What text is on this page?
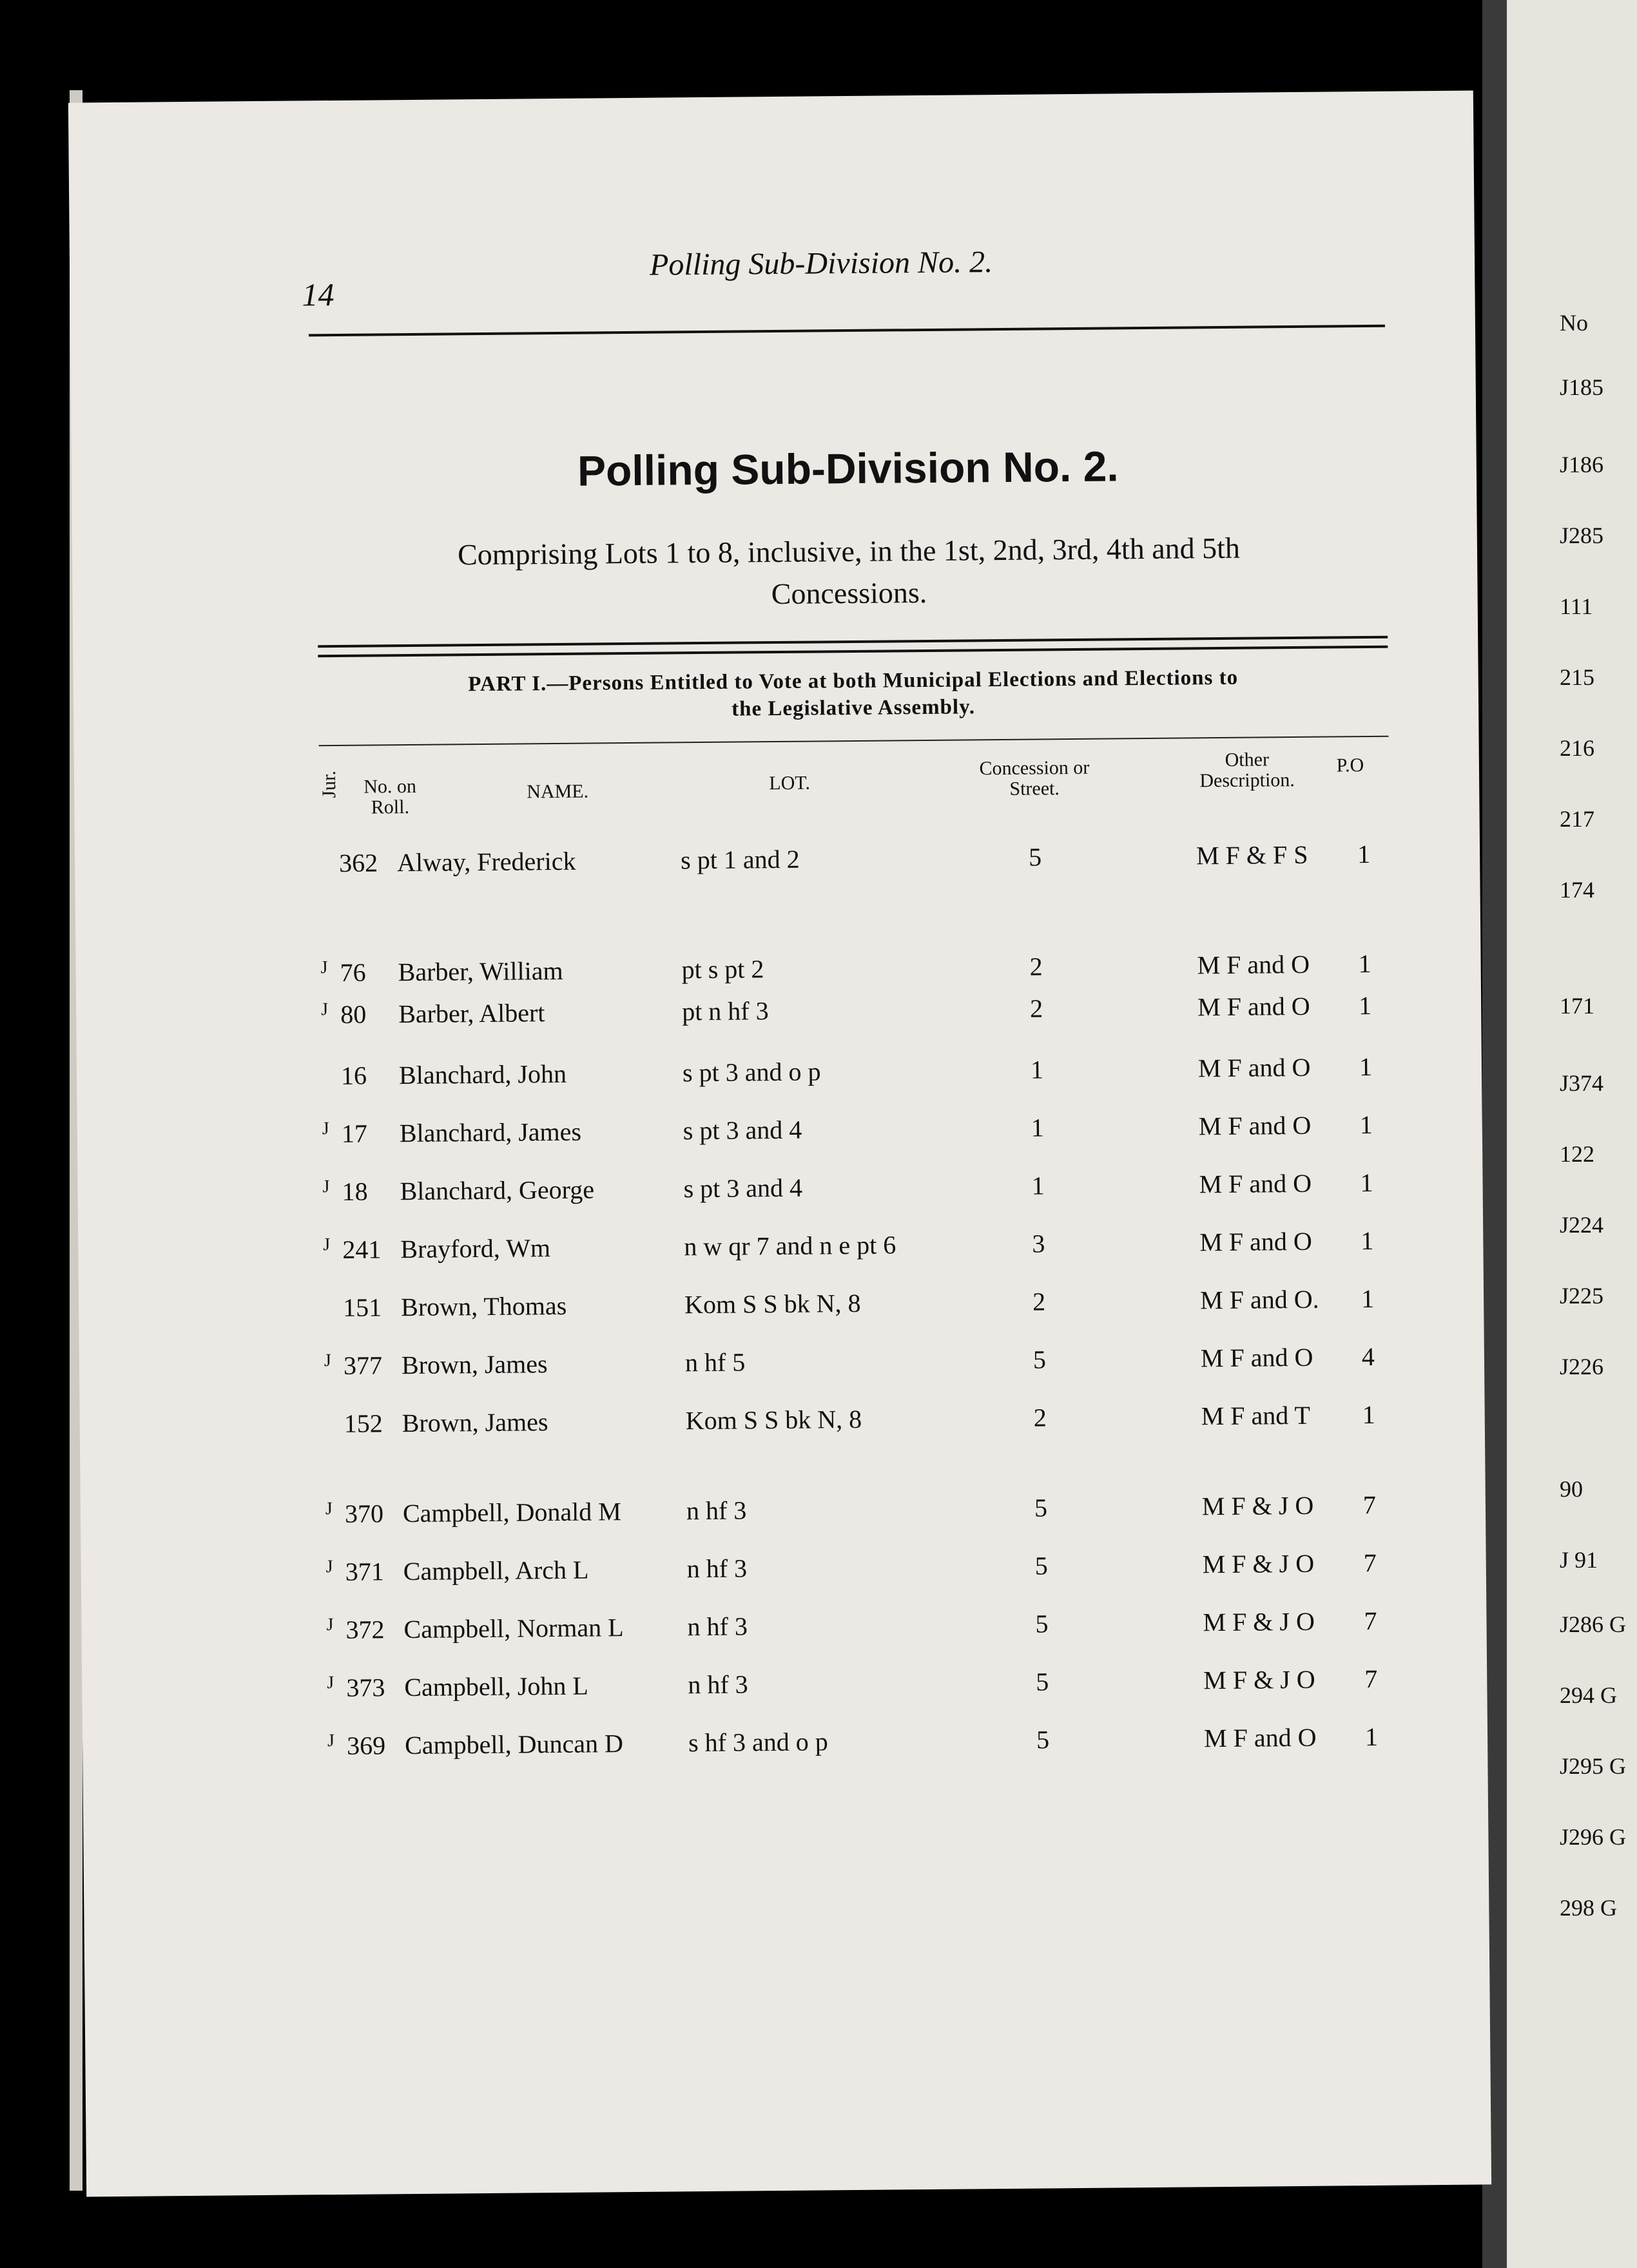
14
Polling Sub-Division No. 2.
Polling Sub-Division No. 2.
Comprising Lots 1 to 8, inclusive, in the 1st, 2nd, 3rd, 4th and 5th
Concessions.
PART I.—Persons Entitled to Vote at both Municipal Elections and Elections to
the Legislative Assembly.
Jur.	No. on Roll.
NAME.	LOT.
Concession or Street.
Other Description.
P.O
362 Alway, Frederick	s pt 1 and 2	5	M F & F S 1
J 76 Barber, William	pt s pt 2	2	M F and O 1
J 80 Barber, Albert	pt n hf 3	2	M F and O 1
16 Blanchard, John	s pt 3 and o p	1	M F and O 1
J 17 Blanchard, James	s pt 3 and 4	1	M F and O 1
J 18 Blanchard, George	s pt 3 and 4	1	M F and O 1
J 241 Brayford, Wm	n w qr 7 and n e pt 6	3	M F and O 1
151 Brown, Thomas	Kom S S bk N, 8	2	M F and O. 1
J 377 Brown, James	n hf 5	5	M F and O 4
152 Brown, James	Kom S S bk N, 8	2	M F and T 1
J 370 Campbell, Donald M	n hf 3	5	M F & J O 7
J 371 Campbell, Arch L	n hf 3	5	M F & J O 7
J 372 Campbell, Norman L n hf 3	5	M F & J O 7
J 373 Campbell, John L	n hf 3	5	M F & J O 7
J 369 Campbell, Duncan D	s hf 3 and o p	5	M F and O 1
No
J185
J186
J285
111
215
216
217
174
171
J374
122
J224
J225
J226
90
J 91
J286 G
294 G
J295 G
J296 G
298 G
